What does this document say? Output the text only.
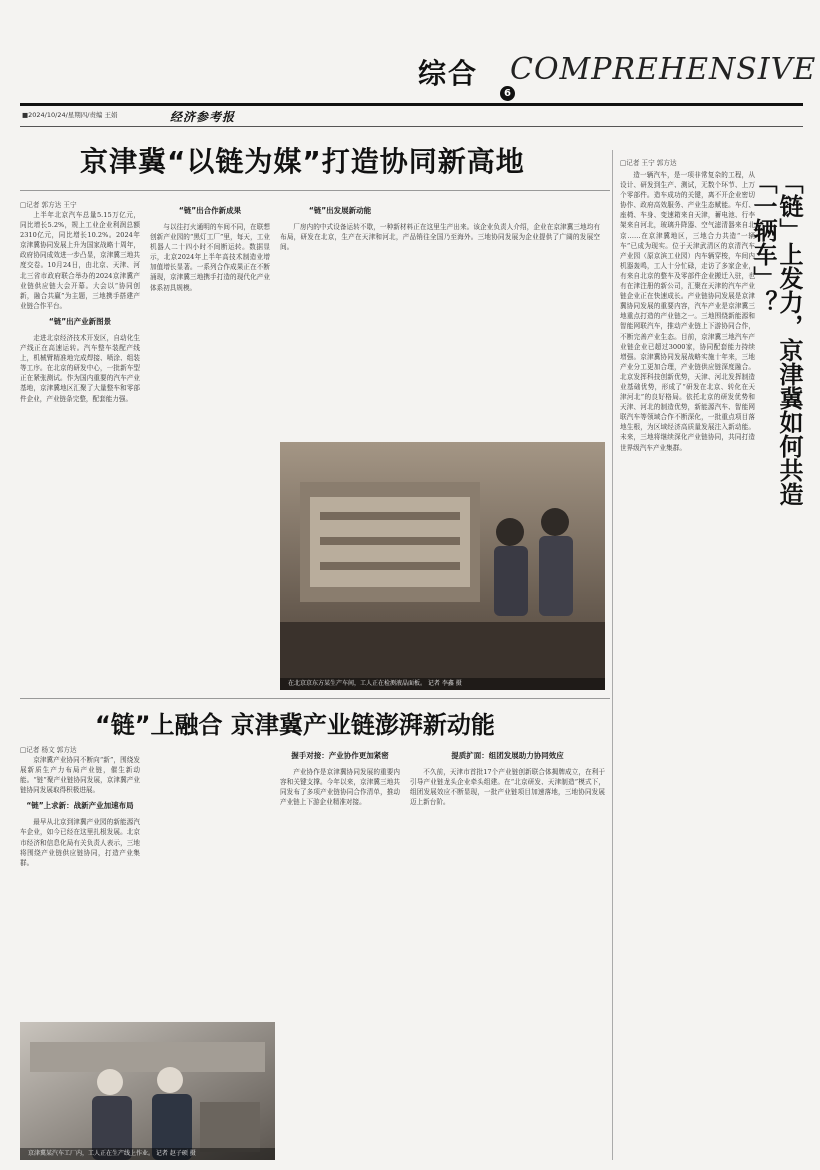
综合 COMPREHENSIVE
6
■2024/10/24/星期四/责编 王娟	经济参考报
京津冀“以链为媒”打造协同新高地
□记者 郭方达 王宁

上半年北京汽车总量5.15万亿元，同比增长5.2%，规上工业企业利润总额2310亿元，同比增长10.2%。2024年京津冀协同发展上升为国家战略十周年，政府协同成效进一步凸显，京津冀三地共度交卷。10月24日，由北京、天津、河北三省市政府联合举办的2024京津冀产业链供应链大会开幕。大会以“协同创新，融合共赢”为主题，三地携手搭建产业链合作平台。

“链”出产业新图景

走进北京经济技术开发区，自动化生产线正在高速运转。汽车整车装配产线上，机械臂精准地完成焊接、喷涂、组装等工序。在北京的研发中心，一批新车型正在紧张测试。作为国内重要的汽车产业基地，京津冀地区汇聚了大量整车和零部件企业，产业链条完整，配套能力强。

“链”出合作新成果

与以往打火通明的车间不同，在联想创新产业园的“黑灯工厂”里，每天，工业机器人二十四小时不间断运转。数据显示，北京2024年上半年高技术制造业增加值增长显著。一系列合作成果正在不断涌现，京津冀三地携手打造的现代化产业体系初具规模。

“链”出发展新动能

厂房内的中式设备运转不歇，一种新材料正在这里生产出来。该企业负责人介绍，企业在京津冀三地均有布局，研发在北京，生产在天津和河北，产品销往全国乃至海外。三地协同发展为企业提供了广阔的发展空间。

在北京京东方某生产车间，工人正在检测液晶面板。 记者 李鑫 摄
□记者 王宁 郭方达
「链」上发力，京津冀如何共造「一辆车」？

造一辆汽车，是一项非常复杂的工程，从设计、研发到生产、测试，无数个环节、上万个零部件。造车成功的关键，离不开企业密切协作、政府高效服务、产业生态赋能。车灯、座椅、车身、变速箱来自天津，蓄电池、行李架来自河北，玻璃升降器、空气滤清器来自北京……在京津冀地区，三地合力共造“一辆车”已成为现实。位于天津武清区的京清汽车产业园（原京滨工业园）内车辆穿梭，车间内机器轰鸣，工人十分忙碌，走访了多家企业，有来自北京的整车及零部件企业搬迁入驻，也有在津注册的新公司，汇聚在天津的汽车产业链企业正在快速成长。产业链协同发展是京津冀协同发展的重要内容，汽车产业是京津冀三地重点打造的产业链之一。三地围绕新能源和智能网联汽车，推动产业链上下游协同合作，不断完善产业生态。目前，京津冀三地汽车产业链企业已超过3000家，协同配套能力持续增强。京津冀协同发展战略实施十年来，三地产业分工更加合理，产业链供应链深度融合。北京发挥科技创新优势，天津、河北发挥制造业基础优势，形成了“研发在北京、转化在天津河北”的良好格局。依托北京的研发优势和天津、河北的制造优势，新能源汽车、智能网联汽车等领域合作不断深化，一批重点项目落地生根，为区域经济高质量发展注入新动能。未来，三地将继续深化产业链协同，共同打造世界级汽车产业集群。

“链”上融合 京津冀产业链澎湃新动能
□记者 杨文 郭方达

京津冀产业协同不断向“新”，围绕发展新质生产力布局产业链，催生新动能。“链”聚产业链协同发展，京津冀产业链协同发展取得积极进展。

“链”上求新：战新产业加速布局

最早从北京到津冀产业园的新能源汽车企业，如今已经在这里扎根发展。北京市经济和信息化局有关负责人表示，三地将围绕产业链供应链协同，打造产业集群。

握手对接：产业协作更加紧密

产业协作是京津冀协同发展的重要内容和关键支撑。今年以来，京津冀三地共同发布了多项产业链协同合作清单，推动产业链上下游企业精准对接。

提质扩面：组团发展助力协同效应

不久前，天津市首批17个产业链创新联合体揭牌成立，在利于引导产业链龙头企业牵头组建。在“北京研发、天津制造”模式下，组团发展效应不断显现，一批产业链项目加速落地，三地协同发展迈上新台阶。

京津冀某汽车工厂内，工人正在生产线上作业。 记者 赵子硕 摄
